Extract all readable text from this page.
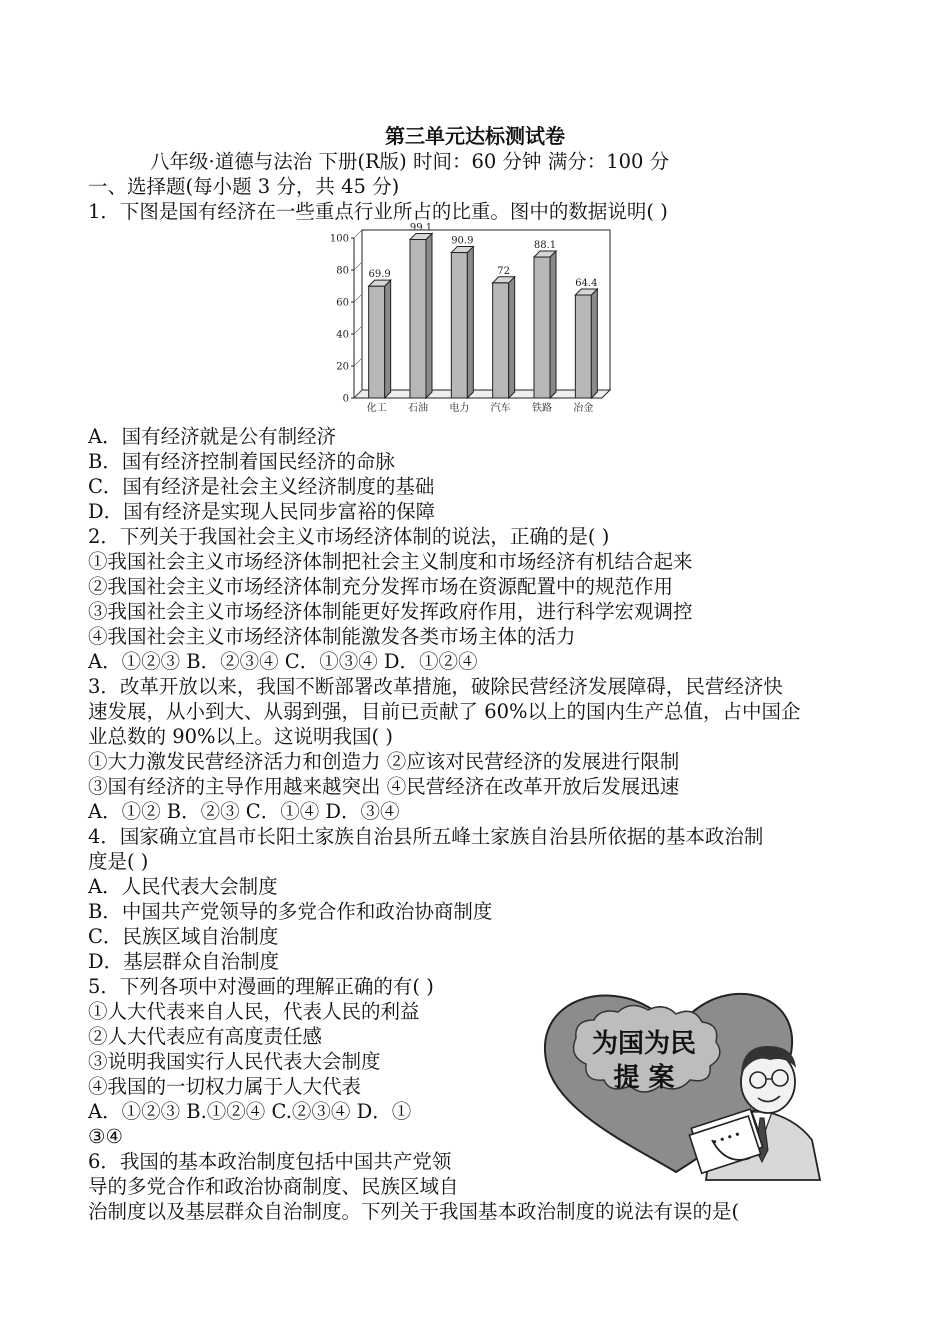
第三单元达标测试卷
八年级·道德与法治 下册(R版) 时间：60 分钟 满分：100 分
一、选择题(每小题 3 分，共 45 分)
1．下图是国有经济在一些重点行业所占的比重。图中的数据说明( )
0
20
40
60
80
100
69.9
化工
99.1
石油
90.9
电力
72
汽车
88.1
铁路
64.4
冶金
A．国有经济就是公有制经济
B．国有经济控制着国民经济的命脉
C．国有经济是社会主义经济制度的基础
D．国有经济是实现人民同步富裕的保障
2．下列关于我国社会主义市场经济体制的说法，正确的是( )
①我国社会主义市场经济体制把社会主义制度和市场经济有机结合起来
②我国社会主义市场经济体制充分发挥市场在资源配置中的规范作用
③我国社会主义市场经济体制能更好发挥政府作用，进行科学宏观调控
④我国社会主义市场经济体制能激发各类市场主体的活力
A．①②③ B．②③④ C．①③④ D．①②④
3．改革开放以来，我国不断部署改革措施，破除民营经济发展障碍，民营经济快
速发展，从小到大、从弱到强，目前已贡献了 60%以上的国内生产总值，占中国企
业总数的 90%以上。这说明我国( )
①大力激发民营经济活力和创造力 ②应该对民营经济的发展进行限制
③国有经济的主导作用越来越突出 ④民营经济在改革开放后发展迅速
A．①② B．②③ C．①④ D．③④
4．国家确立宜昌市长阳土家族自治县所五峰土家族自治县所依据的基本政治制
度是( )
A．人民代表大会制度
B．中国共产党领导的多党合作和政治协商制度
C．民族区域自治制度
D．基层群众自治制度
5．下列各项中对漫画的理解正确的有( )
①人大代表来自人民，代表人民的利益
②人大代表应有高度责任感
③说明我国实行人民代表大会制度
④我国的一切权力属于人大代表
A．①②③ B.①②④ C.②③④ D．①
③④
6．我国的基本政治制度包括中国共产党领
导的多党合作和政治协商制度、民族区域自
治制度以及基层群众自治制度。下列关于我国基本政治制度的说法有误的是(
为国为民
提 案
